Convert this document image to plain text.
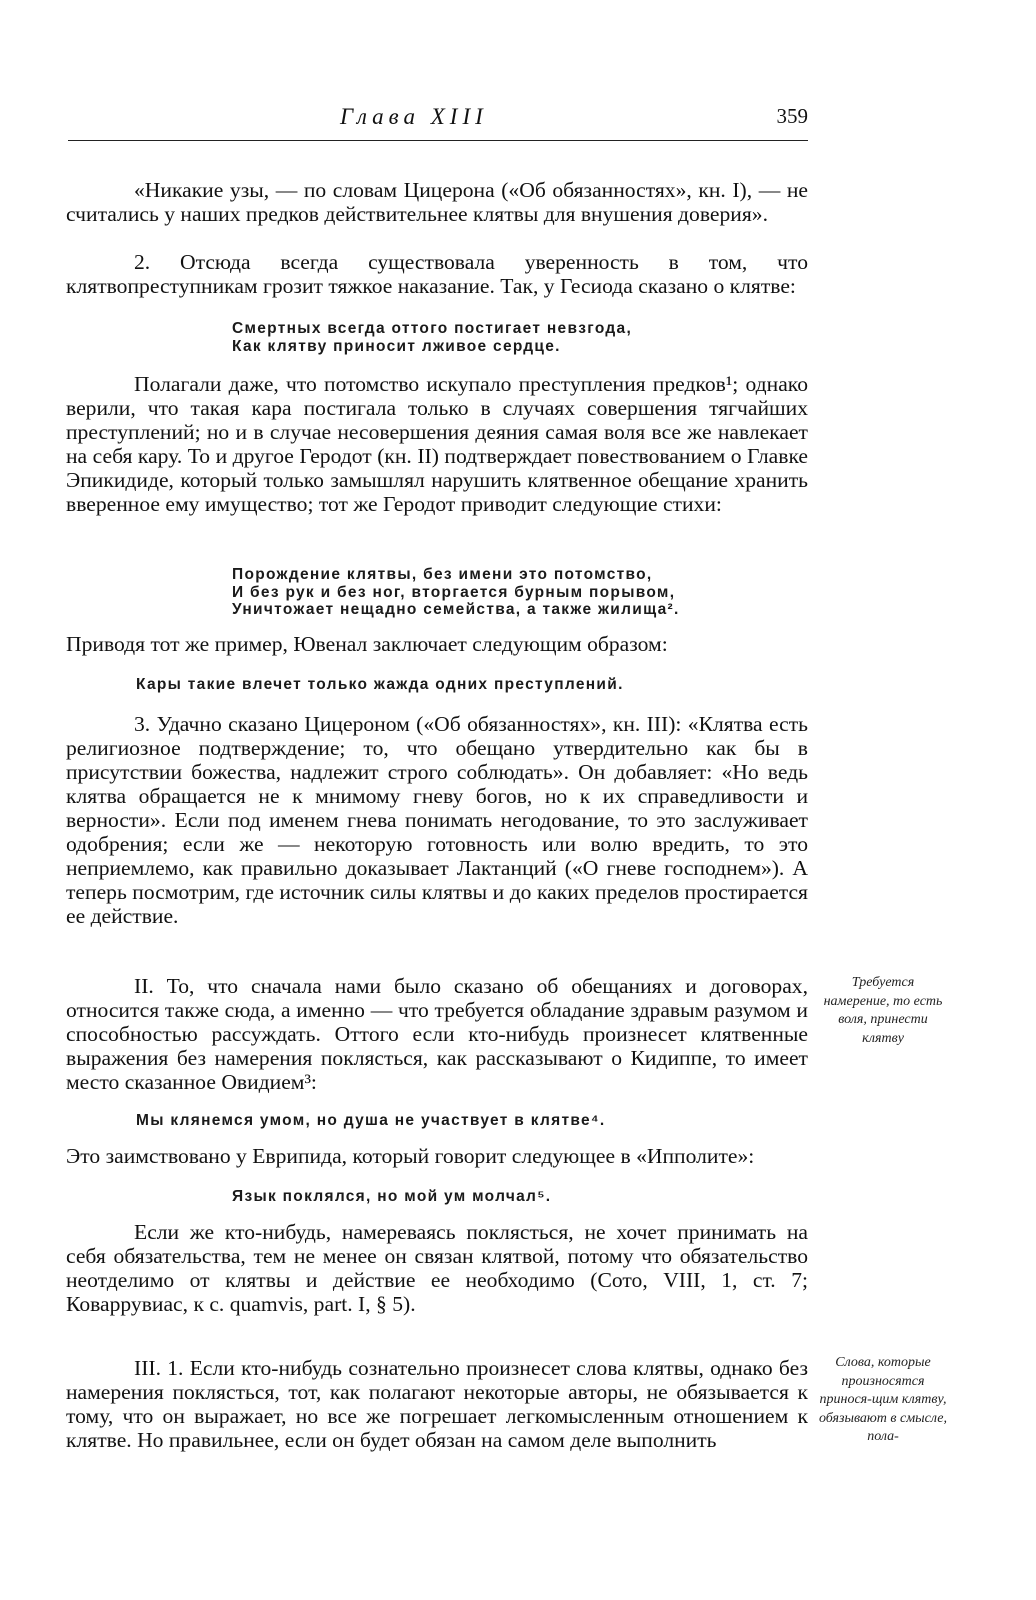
Глава XIII	359

«Никакие узы, — по словам Цицерона («Об обязанностях», кн. I), — не считались у наших предков действительнее клятвы для внушения доверия».

2. Отсюда всегда существовала уверенность в том, что клятвопреступникам грозит тяжкое наказание. Так, у Гесиода сказано о клятве:

Смертных всегда оттого постигает невзгода,
Как клятву приносит лживое сердце.

Полагали даже, что потомство искупало преступления предков¹; однако верили, что такая кара постигала только в случаях совершения тягчайших преступлений; но и в случае несовершения деяния самая воля все же навлекает на себя кару. То и другое Геродот (кн. II) подтверждает повествованием о Главке Эпикидиде, который только замышлял нарушить клятвенное обещание хранить вверенное ему имущество; тот же Геродот приводит следующие стихи:

Порождение клятвы, без имени это потомство,
И без рук и без ног, вторгается бурным порывом,
Уничтожает нещадно семейства, а также жилища².

Приводя тот же пример, Ювенал заключает следующим образом:

Кары такие влечет только жажда одних преступлений.

3. Удачно сказано Цицероном («Об обязанностях», кн. III): «Клятва есть религиозное подтверждение; то, что обещано утвердительно как бы в присутствии божества, надлежит строго соблюдать». Он добавляет: «Но ведь клятва обращается не к мнимому гневу богов, но к их справедливости и верности». Если под именем гнева понимать негодование, то это заслуживает одобрения; если же — некоторую готовность или волю вредить, то это неприемлемо, как правильно доказывает Лактанций («О гневе господнем»). А теперь посмотрим, где источник силы клятвы и до каких пределов простирается ее действие.

II. То, что сначала нами было сказано об обещаниях и договорах, относится также сюда, а именно — что требуется обладание здравым разумом и способностью рассуждать. Оттого если кто-нибудь произнесет клятвенные выражения без намерения поклясться, как рассказывают о Кидиппе, то имеет место сказанное Овидием³:

Требуется намерение, то есть воля, принести клятву
Мы клянемся умом, но душа не участвует в клятве⁴.

Это заимствовано у Еврипида, который говорит следующее в «Ипполите»:

Язык поклялся, но мой ум молчал⁵.

Если же кто-нибудь, намереваясь поклясться, не хочет принимать на себя обязательства, тем не менее он связан клятвой, потому что обязательство неотделимо от клятвы и действие ее необходимо (Сото, VIII, 1, ст. 7; Коваррувиас, к c. quamvis, part. I, § 5).

III. 1. Если кто-нибудь сознательно произнесет слова клятвы, однако без намерения поклясться, тот, как полагают некоторые авторы, не обязывается к тому, что он выражает, но все же погрешает легкомысленным отношением к клятве. Но правильнее, если он будет обязан на самом деле выполнить

Слова, которые произносятся принося-щим клятву, обязывают в смысле, пола-
